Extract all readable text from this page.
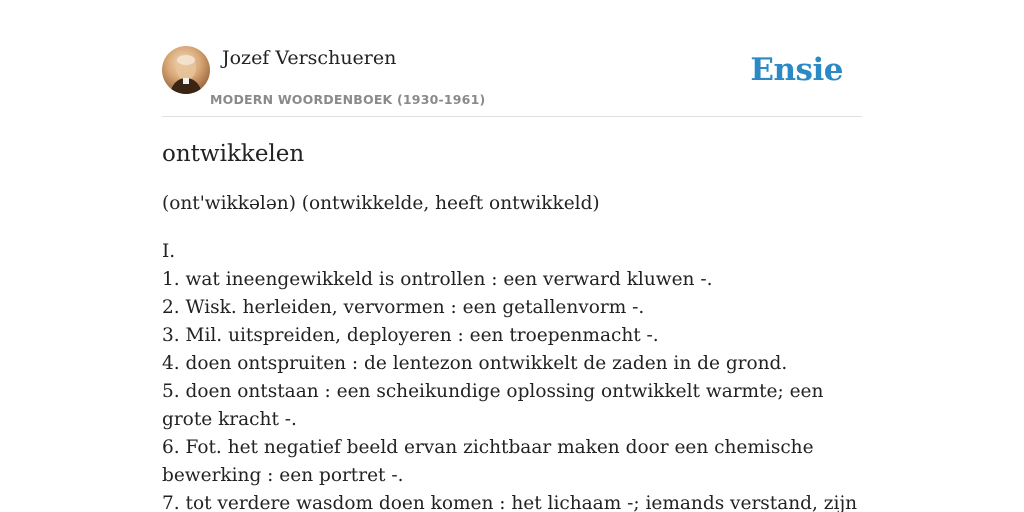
Jozef Verschueren
MODERN WOORDENBOEK (1930-1961)
Ensie
ontwikkelen

(ont'wikkələn) (ontwikkelde, heeft ontwikkeld)

I.
1. wat ineengewikkeld is ontrollen : een verward kluwen -.
2. Wisk. herleiden, vervormen : een getallenvorm -.
3. Mil. uitspreiden, deployeren : een troepenmacht -.
4. doen ontspruiten : de lentezon ontwikkelt de zaden in de grond.
5. doen ontstaan : een scheikundige oplossing ontwikkelt warmte; een grote kracht -.
6. Fot. het negatief beeld ervan zichtbaar maken door een chemische bewerking : een portret -.
7. tot verdere wasdom doen komen : het lichaam -; iemands verstand, zijn
